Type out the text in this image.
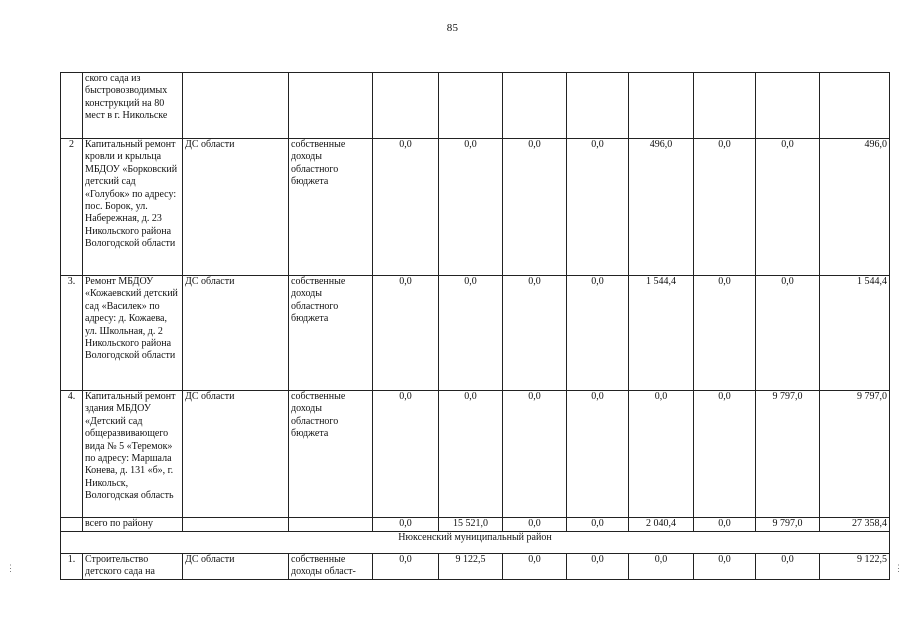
85
	ского сада из быстровозводимых конструкций на 80 мест в г. Никольске										
2	Капитальный ремонт кровли и крыльца МБДОУ «Борковский детский сад «Голубок» по адресу: пос. Борок, ул. Набережная, д. 23 Никольского района Вологодской области	ДС области	собственные доходы областного бюджета	0,0	0,0	0,0	0,0	496,0	0,0	0,0	496,0
3.	Ремонт МБДОУ «Кожаевский детский сад «Василек» по адресу: д. Кожаева, ул. Школьная, д. 2 Никольского района Вологодской области	ДС области	собственные доходы областного бюджета	0,0	0,0	0,0	0,0	1 544,4	0,0	0,0	1 544,4
4.	Капитальный ремонт здания МБДОУ «Детский сад общеразвивающего вида № 5 «Теремок» по адресу: Маршала Конева, д. 131 «б», г. Никольск, Вологодская область	ДС области	собственные доходы областного бюджета	0,0	0,0	0,0	0,0	0,0	0,0	9 797,0	9 797,0
	всего по району			0,0	15 521,0	0,0	0,0	2 040,4	0,0	9 797,0	27 358,4
Нюксенский муниципальный район											
1.	Строительство детского сада на	ДС области	собственные доходы област-	0,0	9 122,5	0,0	0,0	0,0	0,0	0,0	9 122,5
⋮	⋮
